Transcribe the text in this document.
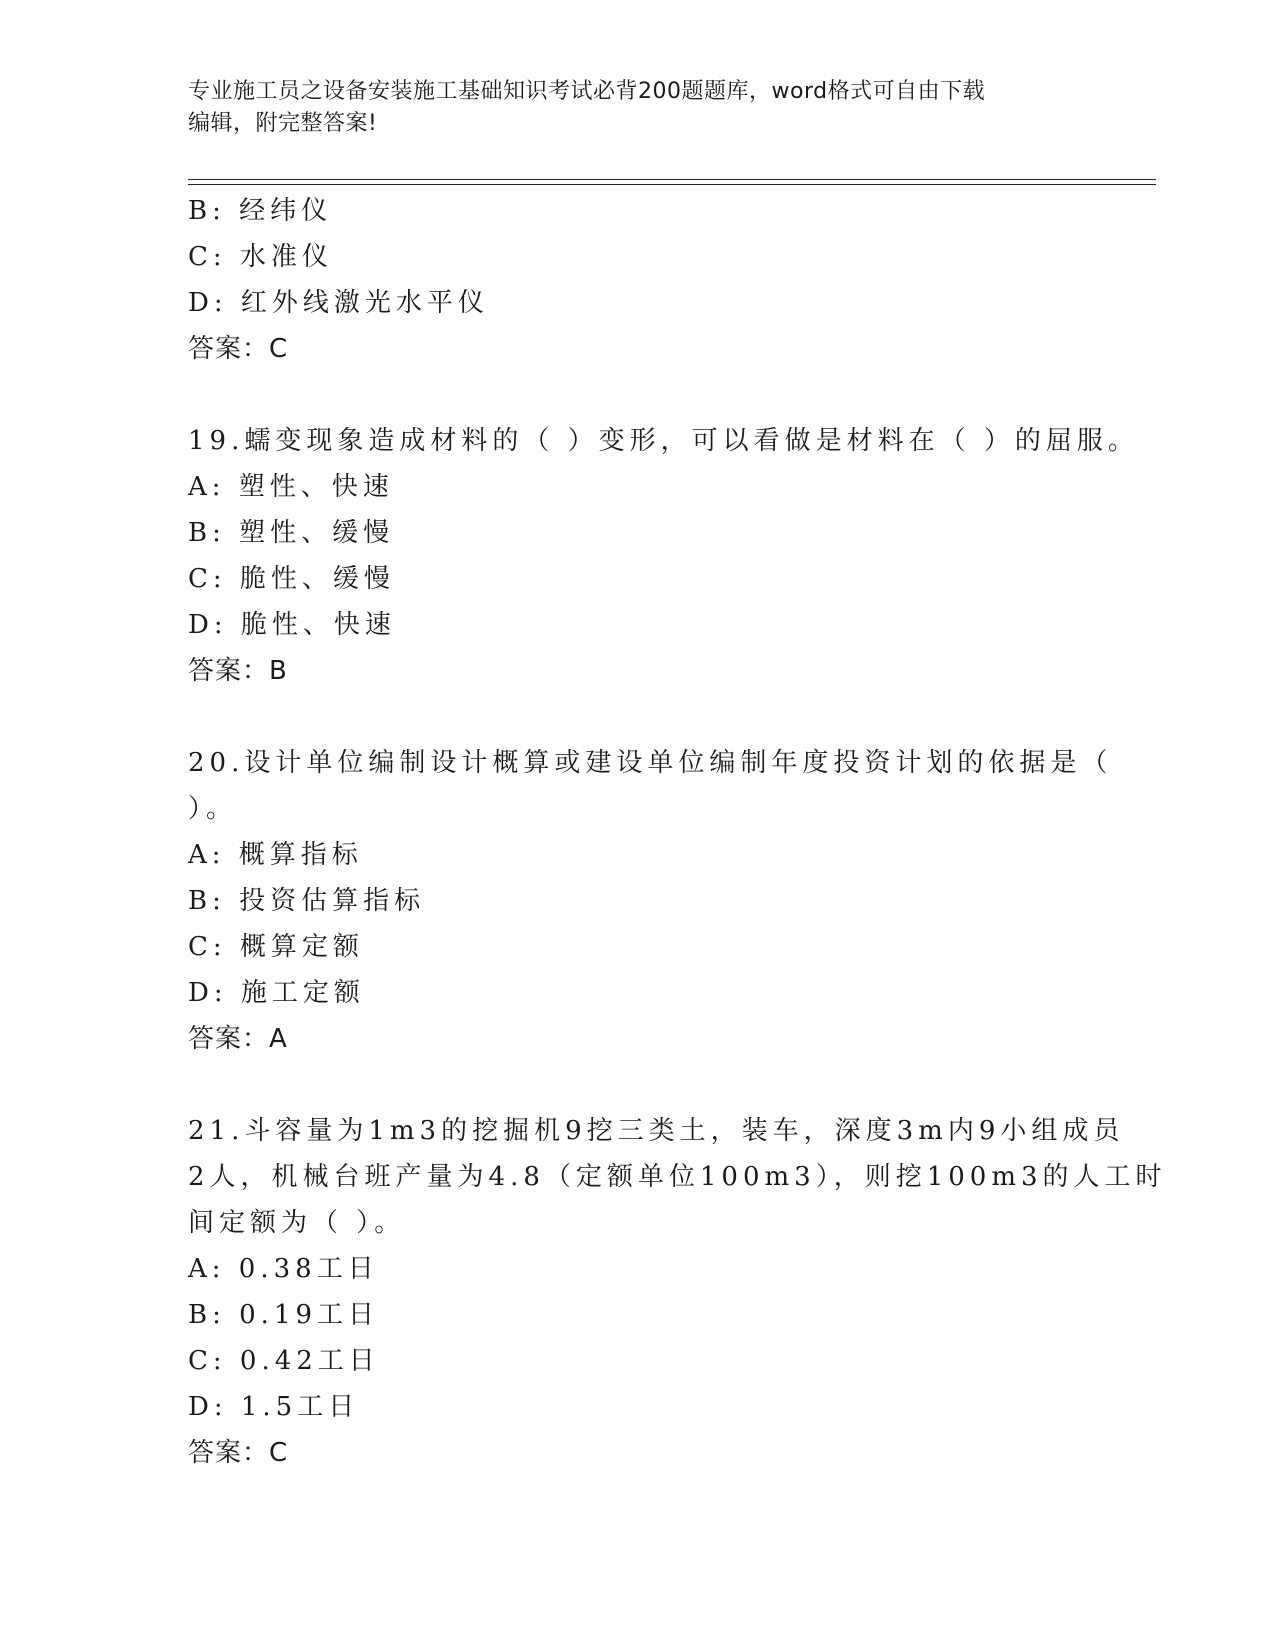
专业施工员之设备安装施工基础知识考试必背200题题库，word格式可自由下载
编辑，附完整答案!
B: 经纬仪
C: 水准仪
D: 红外线激光水平仪
答案：C
19.蠕变现象造成材料的（ ）变形，可以看做是材料在（ ）的屈服。
A: 塑性、快速
B: 塑性、缓慢
C: 脆性、缓慢
D: 脆性、快速
答案：B
20.设计单位编制设计概算或建设单位编制年度投资计划的依据是（
）。
A: 概算指标
B: 投资估算指标
C: 概算定额
D: 施工定额
答案：A
21.斗容量为1m3的挖掘机9挖三类土，装车，深度3m内9小组成员
2人，机械台班产量为4.8（定额单位100m3），则挖100m3的人工时
间定额为（ ）。
A: 0.38工日
B: 0.19工日
C: 0.42工日
D: 1.5工日
答案：C
